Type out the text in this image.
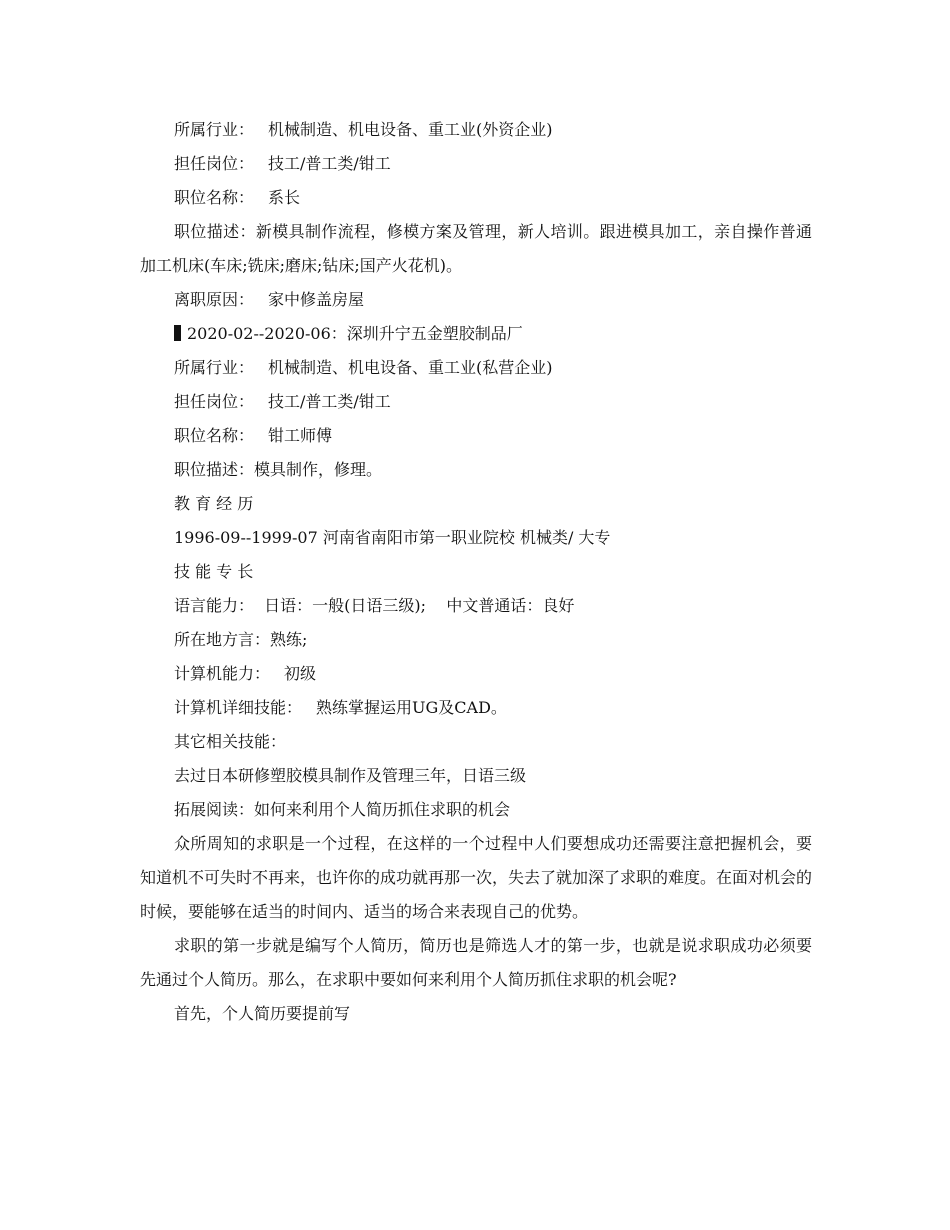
所属行业： 机械制造、机电设备、重工业(外资企业)
担任岗位： 技工/普工类/钳工
职位名称： 系长
职位描述：新模具制作流程，修模方案及管理，新人培训。跟进模具加工，亲自操作普通加工机床(车床;铣床;磨床;钻床;国产火花机)。
离职原因： 家中修盖房屋
2020-02--2020-06：深圳升宁五金塑胶制品厂
所属行业： 机械制造、机电设备、重工业(私营企业)
担任岗位： 技工/普工类/钳工
职位名称： 钳工师傅
职位描述：模具制作，修理。
教 育 经 历
1996-09--1999-07 河南省南阳市第一职业院校 机械类/ 大专
技 能 专 长
语言能力：  日语：一般(日语三级);    中文普通话：良好
所在地方言：熟练;
计算机能力： 初级
计算机详细技能： 熟练掌握运用UG及CAD。
其它相关技能：
去过日本研修塑胶模具制作及管理三年，日语三级
拓展阅读：如何来利用个人简历抓住求职的机会
众所周知的求职是一个过程，在这样的一个过程中人们要想成功还需要注意把握机会，要知道机不可失时不再来，也许你的成功就再那一次，失去了就加深了求职的难度。在面对机会的时候，要能够在适当的时间内、适当的场合来表现自己的优势。
求职的第一步就是编写个人简历，简历也是筛选人才的第一步，也就是说求职成功必须要先通过个人简历。那么，在求职中要如何来利用个人简历抓住求职的机会呢?
首先，个人简历要提前写
